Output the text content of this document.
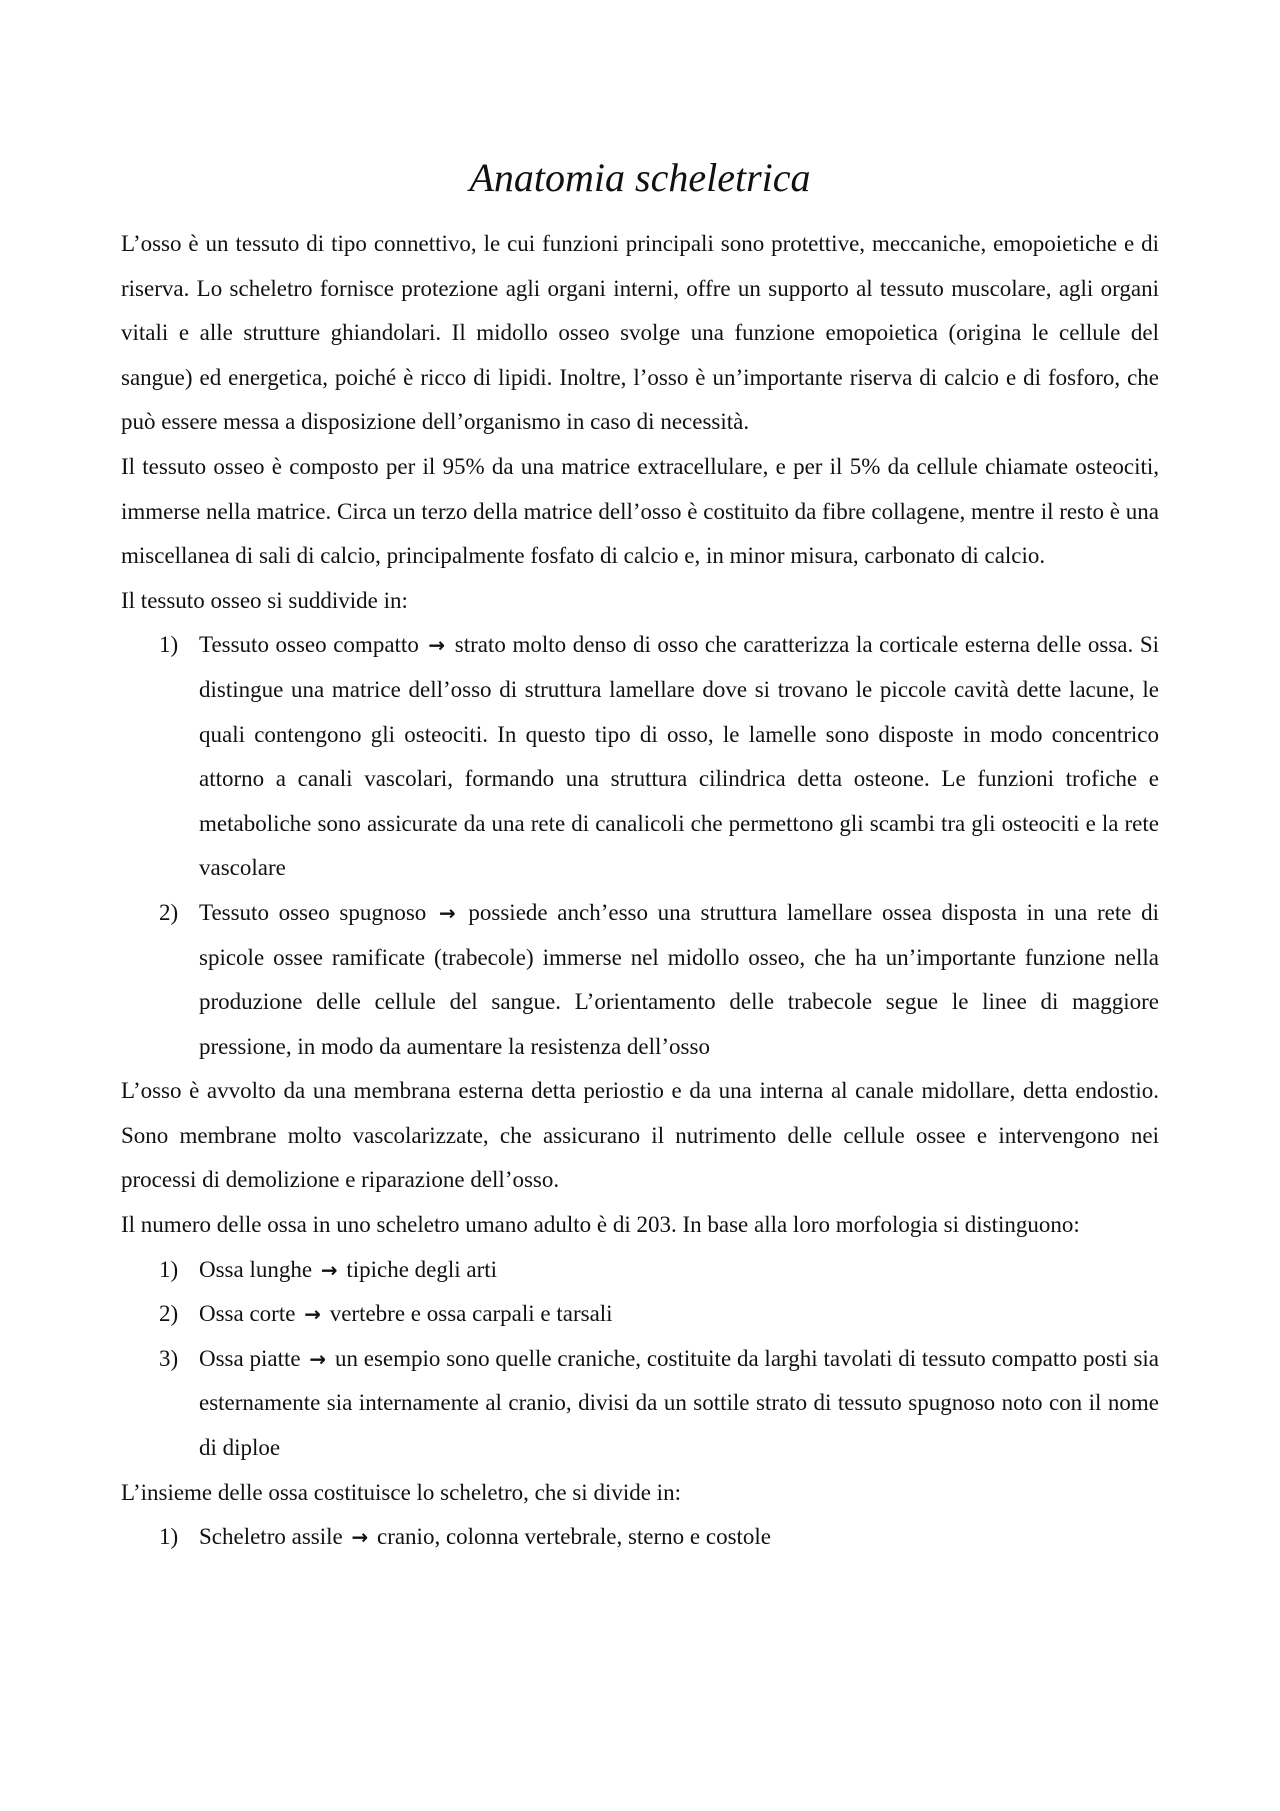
Anatomia scheletrica

L’osso è un tessuto di tipo connettivo, le cui funzioni principali sono protettive, meccaniche, emopoietiche e di riserva. Lo scheletro fornisce protezione agli organi interni, offre un supporto al tessuto muscolare, agli organi vitali e alle strutture ghiandolari. Il midollo osseo svolge una funzione emopoietica (origina le cellule del sangue) ed energetica, poiché è ricco di lipidi. Inoltre, l’osso è un’importante riserva di calcio e di fosforo, che può essere messa a disposizione dell’organismo in caso di necessità.

Il tessuto osseo è composto per il 95% da una matrice extracellulare, e per il 5% da cellule chiamate osteociti, immerse nella matrice. Circa un terzo della matrice dell’osso è costituito da fibre collagene, mentre il resto è una miscellanea di sali di calcio, principalmente fosfato di calcio e, in minor misura, carbonato di calcio.

Il tessuto osseo si suddivide in:

1) Tessuto osseo compatto → strato molto denso di osso che caratterizza la corticale esterna delle ossa. Si distingue una matrice dell’osso di struttura lamellare dove si trovano le piccole cavità dette lacune, le quali contengono gli osteociti. In questo tipo di osso, le lamelle sono disposte in modo concentrico attorno a canali vascolari, formando una struttura cilindrica detta osteone. Le funzioni trofiche e metaboliche sono assicurate da una rete di canalicoli che permettono gli scambi tra gli osteociti e la rete vascolare
2) Tessuto osseo spugnoso → possiede anch’esso una struttura lamellare ossea disposta in una rete di spicole ossee ramificate (trabecole) immerse nel midollo osseo, che ha un’importante funzione nella produzione delle cellule del sangue. L’orientamento delle trabecole segue le linee di maggiore pressione, in modo da aumentare la resistenza dell’osso

L’osso è avvolto da una membrana esterna detta periostio e da una interna al canale midollare, detta endostio. Sono membrane molto vascolarizzate, che assicurano il nutrimento delle cellule ossee e intervengono nei processi di demolizione e riparazione dell’osso.

Il numero delle ossa in uno scheletro umano adulto è di 203. In base alla loro morfologia si distinguono:

1) Ossa lunghe → tipiche degli arti
2) Ossa corte → vertebre e ossa carpali e tarsali
3) Ossa piatte → un esempio sono quelle craniche, costituite da larghi tavolati di tessuto compatto posti sia esternamente sia internamente al cranio, divisi da un sottile strato di tessuto spugnoso noto con il nome di diploe

L’insieme delle ossa costituisce lo scheletro, che si divide in:

1) Scheletro assile → cranio, colonna vertebrale, sterno e costole
